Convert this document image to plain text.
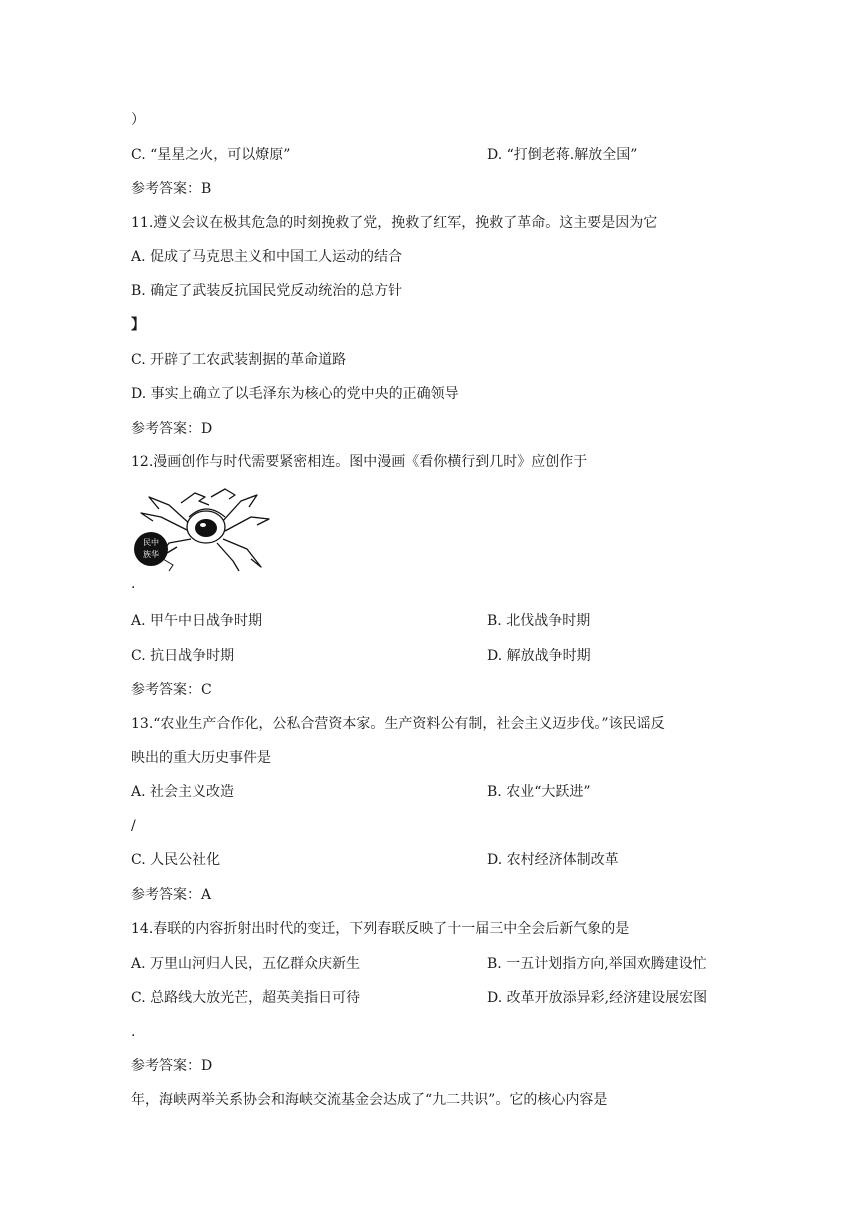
）
C. “星星之火，可以燎原”	D. “打倒老蒋.解放全国”
参考答案：B
11.遵义会议在极其危急的时刻挽救了党，挽救了红军，挽救了革命。这主要是因为它
A. 促成了马克思主义和中国工人运动的结合
B. 确定了武装反抗国民党反动统治的总方针
】
C. 开辟了工农武装割据的革命道路
D. 事实上确立了以毛泽东为核心的党中央的正确领导
参考答案：D
12.漫画创作与时代需要紧密相连。图中漫画《看你横行到几时》应创作于
民中
族华
·
A. 甲午中日战争时期	B. 北伐战争时期
C. 抗日战争时期	D. 解放战争时期
参考答案：C
13.“农业生产合作化，公私合营资本家。生产资料公有制，社会主义迈步伐。”该民谣反
映出的重大历史事件是
A. 社会主义改造	B. 农业“大跃进”
/
C. 人民公社化	D. 农村经济体制改革
参考答案：A
14.春联的内容折射出时代的变迁，下列春联反映了十一届三中全会后新气象的是
A. 万里山河归人民，五亿群众庆新生	B. 一五计划指方向,举国欢腾建设忙
C. 总路线大放光芒，超英美指日可待	D. 改革开放添异彩,经济建设展宏图
.
参考答案：D
年，海峡两举关系协会和海峡交流基金会达成了“九二共识”。它的核心内容是
